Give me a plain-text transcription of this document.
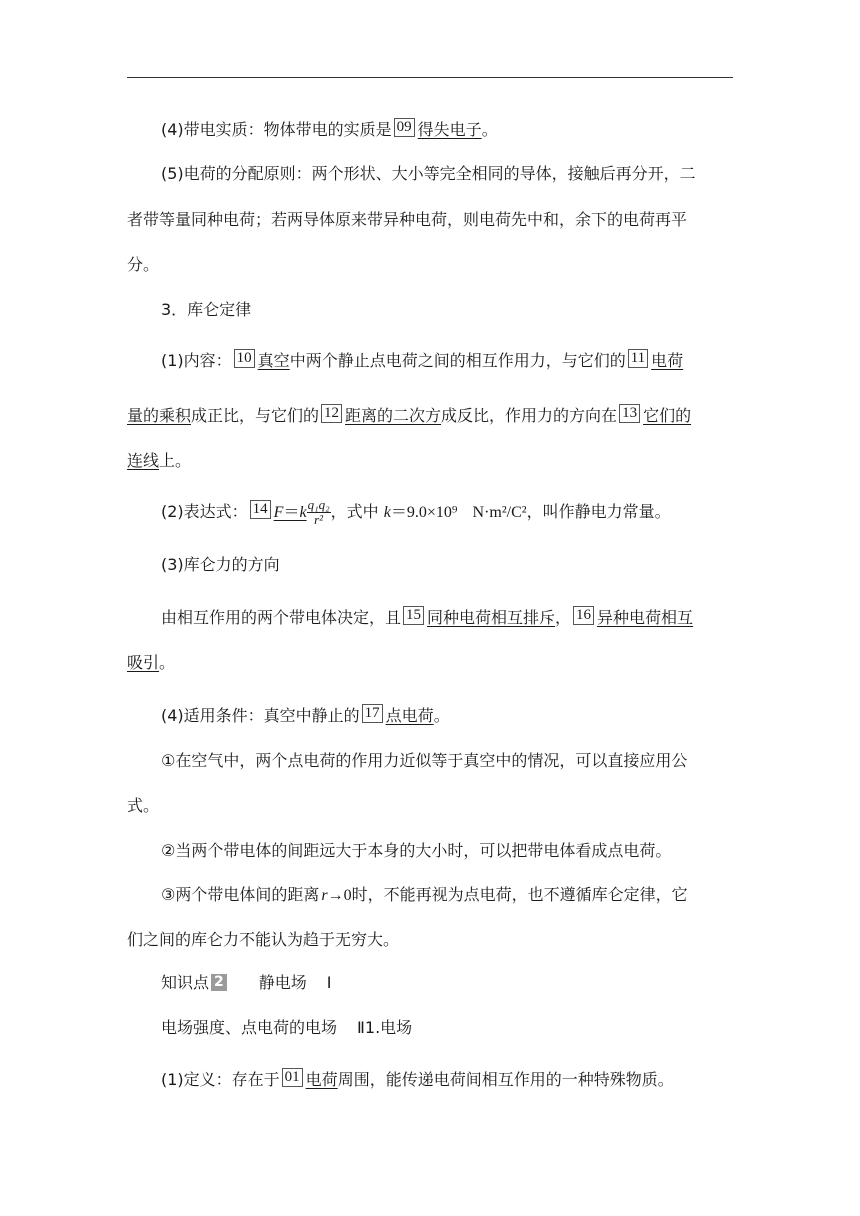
(4)带电实质：物体带电的实质是 09 得失电子。
(5)电荷的分配原则：两个形状、大小等完全相同的导体，接触后再分开，二
者带等量同种电荷；若两导体原来带异种电荷，则电荷先中和，余下的电荷再平
分。
3．库仑定律
(1)内容： 10 真空中两个静止点电荷之间的相互作用力，与它们的 11 电荷
量的乘积成正比，与它们的 12 距离的二次方成反比，作用力的方向在 13 它们的
连线上。
(2)表达式： 14 $F=k \frac{\text{q₁q₂}}{\text{r²}}$ ，式中 k＝9.0×10⁹ N·m²/C²，叫作静电力常量。
(3)库仑力的方向
由相互作用的两个带电体决定，且 15 同种电荷相互排斥， 16 异种电荷相互
吸引。
(4)适用条件：真空中静止的 17 点电荷。
①在空气中，两个点电荷的作用力近似等于真空中的情况，可以直接应用公
式。
②当两个带电体的间距远大于本身的大小时，可以把带电体看成点电荷。
③两个带电体间的距离 r→0时，不能再视为点电荷，也不遵循库仑定律，它
们之间的库仑力不能认为趋于无穷大。
知识点 2 静电场 Ⅰ
电场强度、点电荷的电场 Ⅱ1.电场
(1)定义：存在于 01 电荷周围，能传递电荷间相互作用的一种特殊物质。
